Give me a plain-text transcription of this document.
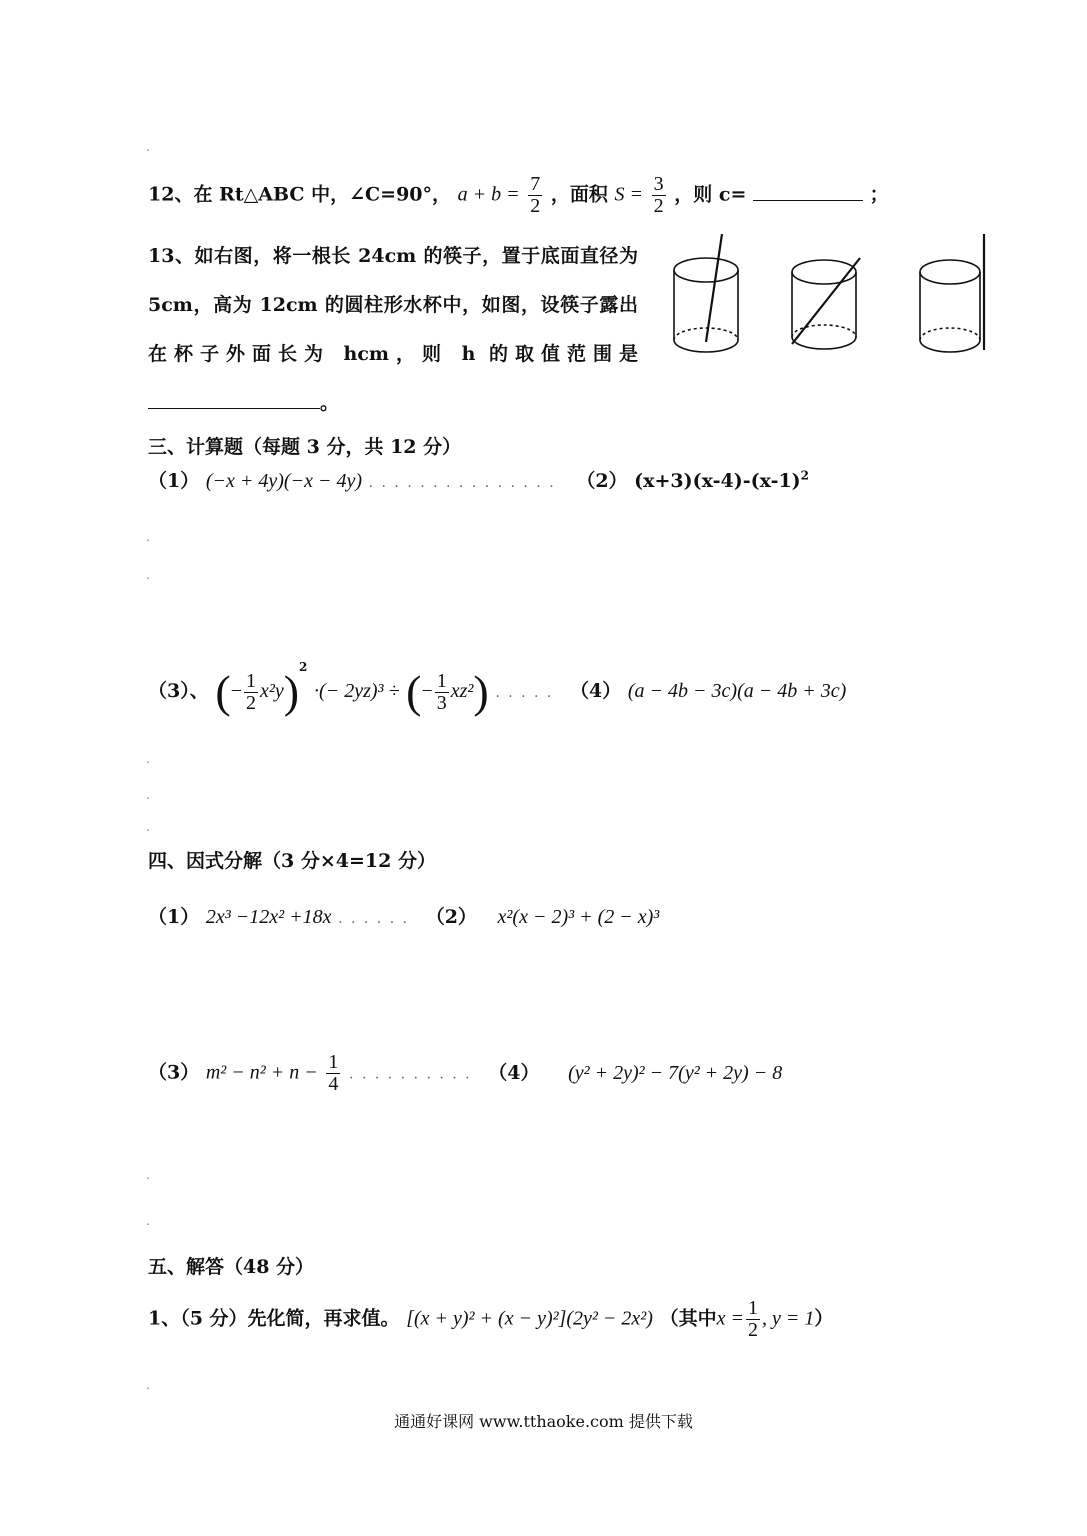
.
12、在 Rt△ABC 中，∠C=90°， $a + b = \frac{7}{2}$ ，面积 $S = \frac{3}{2}$ ，则 c=	；
13、如右图，将一根长 24cm 的筷子，置于底面直径为 5cm，高为 12cm 的圆柱形水杯中，如图，设筷子露出在杯子外面长为 hcm，则 h 的取值范围是。
三、计算题（每题 3 分，共 12 分）
（1） (−x + 4y)(−x − 4y) . . . . . . . . . . . . . . . （2） $(x+3)(x-4)-(x-1)^2$
.
.
（3）、 (− $\frac{1}{2} x^2y)^2$ ·(− 2yz)³ ÷ (− $\frac{1}{3} xz^2$) . . . . . （4） (a − 4b − 3c)(a − 4b + 3c)
.
.
.
四、因式分解（3 分×4=12 分）
（1） 2x³ −12x² +18x . . . . . . （2） x²(x − 2)³ + (2 − x)³
（3） $m^2 - n^2 + n - \frac{1}{4}$ . . . . . . . . . . （4） (y² + 2y)² − 7(y² + 2y) − 8
.
.
五、解答（48 分）
1、（5 分）先化简，再求值。 [(x + y)² + (x − y)²](2y² − 2x²) （其中$x = \frac{1}{2}$ , y = 1）
.
通通好课网 www.tthaoke.com 提供下载
